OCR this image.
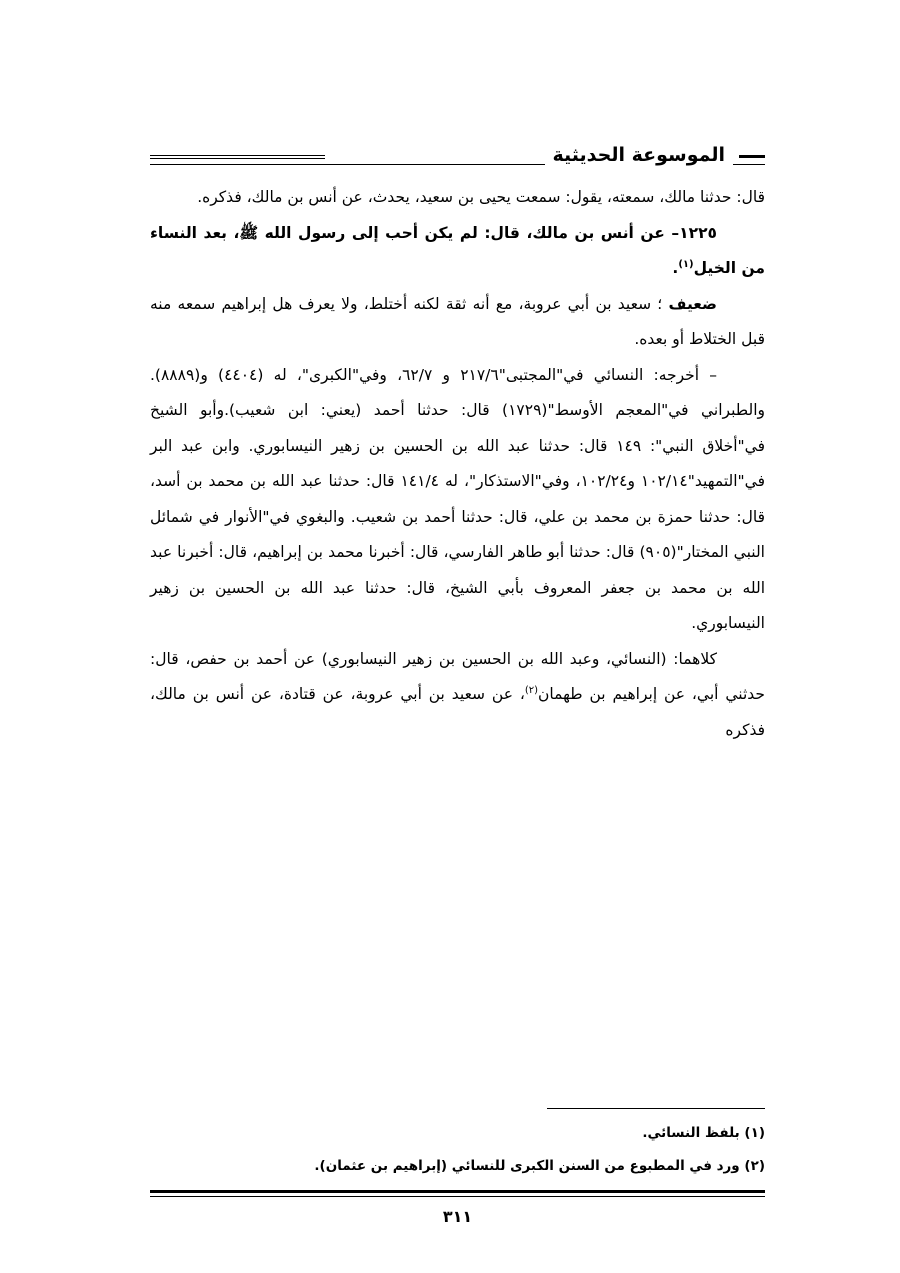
الموسوعة الحديثية

قال: حدثنا مالك، سمعته، يقول: سمعت يحيى بن سعيد، يحدث، عن أنس بن مالك، فذكره.

١٢٢٥– عن أنس بن مالك، قال: لم يكن أحب إلى رسول الله ﷺ، بعد النساء من الخيل$^{(١)}$.

ضعيف ؛ سعيد بن أبي عروبة، مع أنه ثقة لكنه أختلط، ولا يعرف هل إبراهيم سمعه منه قبل الختلاط أو بعده.

– أخرجه: النسائي في"المجتبى"٢١٧/٦ و ٦٢/٧، وفي"الكبرى"، له (٤٤٠٤) و(٨٨٨٩). والطبراني في"المعجم الأوسط"(١٧٢٩) قال: حدثنا أحمد (يعني: ابن شعيب).وأبو الشيخ في"أخلاق النبي": ١٤٩ قال: حدثنا عبد الله بن الحسين بن زهير النيسابوري. وابن عبد البر في"التمهيد"١٠٢/١٤ و١٠٢/٢٤، وفي"الاستذكار"، له ١٤١/٤ قال: حدثنا عبد الله بن محمد بن أسد، قال: حدثنا حمزة بن محمد بن علي، قال: حدثنا أحمد بن شعيب. والبغوي في"الأنوار في شمائل النبي المختار"(٩٠٥) قال: حدثنا أبو طاهر الفارسي، قال: أخبرنا محمد بن إبراهيم، قال: أخبرنا عبد الله بن محمد بن جعفر المعروف بأبي الشيخ، قال: حدثنا عبد الله بن الحسين بن زهير النيسابوري.

كلاهما: (النسائي، وعبد الله بن الحسين بن زهير النيسابوري) عن أحمد بن حفص، قال: حدثني أبي، عن إبراهيم بن طهمان$^{(٢)}$، عن سعيد بن أبي عروبة، عن قتادة، عن أنس بن مالك، فذكره

(١) بلفظ النسائي.

(٢) ورد في المطبوع من السنن الكبرى للنسائي (إبراهيم بن عثمان).

٣١١
